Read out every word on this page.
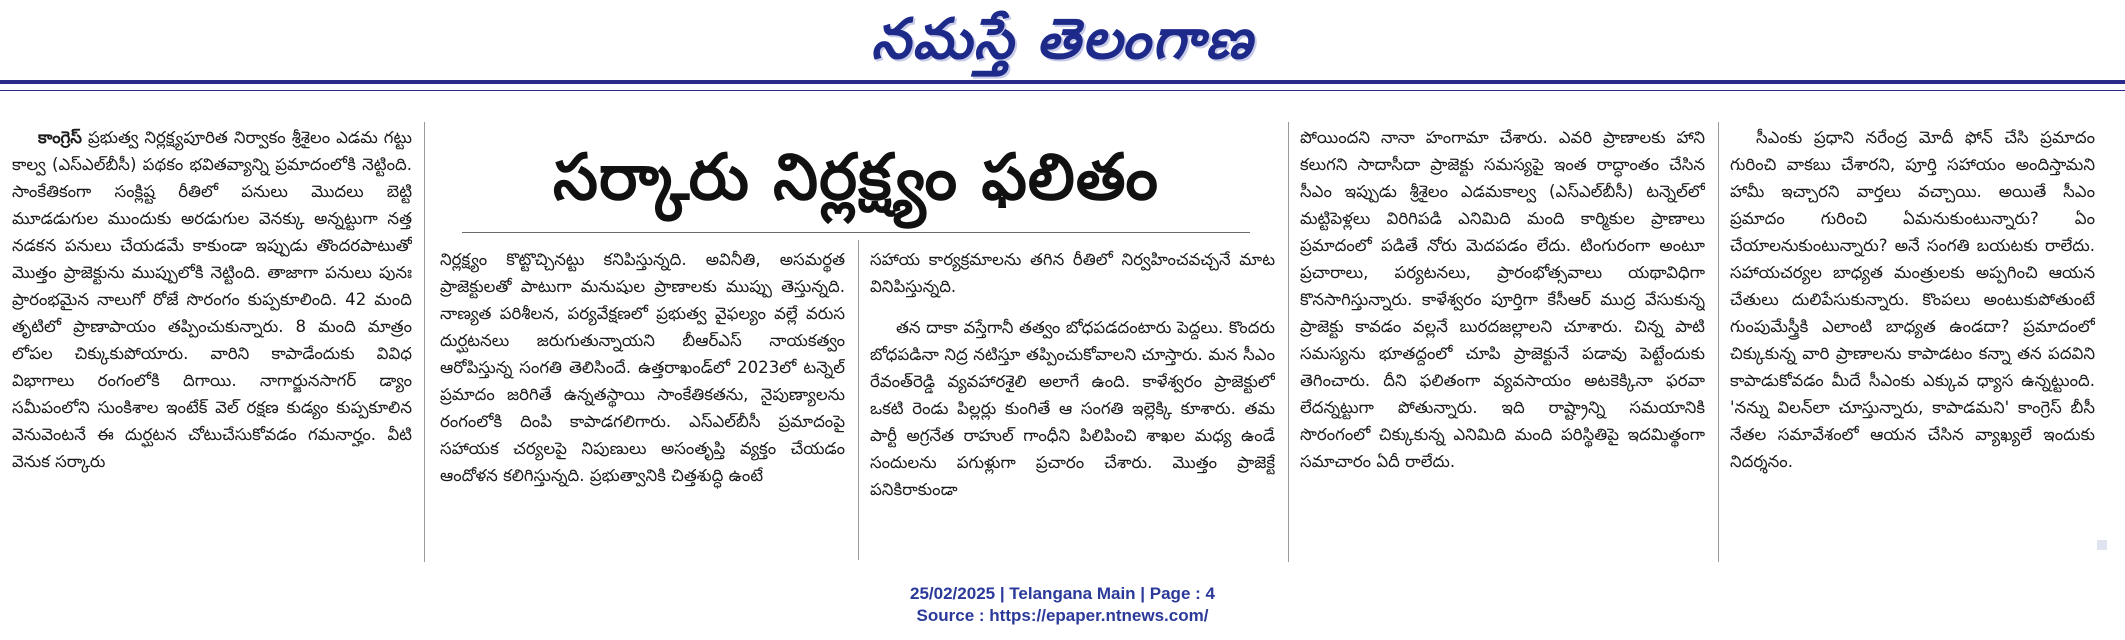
నమస్తే తెలంగాణ

కాంగ్రెస్ ప్రభుత్వ నిర్లక్ష్యపూరిత నిర్వాకం శ్రీశైలం ఎడమ గట్టు కాల్వ (ఎస్‌ఎల్‌బీసీ) పథకం భవితవ్యాన్ని ప్రమాదంలోకి నెట్టింది. సాంకేతికంగా సంక్లిష్ట రీతిలో పనులు మొదలు బెట్టి మూడడుగుల ముందుకు అరడుగుల వెనక్కు అన్నట్టుగా నత్త నడకన పనులు చేయడమే కాకుండా ఇప్పుడు తొందరపాటుతో మొత్తం ప్రాజెక్టును ముప్పులోకి నెట్టింది. తాజాగా పనులు పునః ప్రారంభమైన నాలుగో రోజే సొరంగం కుప్పకూలింది. 42 మంది తృటిలో ప్రాణాపాయం తప్పించుకున్నారు. 8 మంది మాత్రం లోపల చిక్కుకుపోయారు. వారిని కాపాడేందుకు వివిధ విభాగాలు రంగంలోకి దిగాయి. నాగార్జునసాగర్ డ్యాం సమీపంలోని సుంకిశాల ఇంటేక్ వెల్ రక్షణ కుడ్యం కుప్పకూలిన వెనువెంటనే ఈ దుర్ఘటన చోటుచేసుకోవడం గమనార్హం. వీటి వెనుక సర్కారు

సర్కారు నిర్లక్ష్యం ఫలితం

నిర్లక్ష్యం కొట్టొచ్చినట్టు కనిపిస్తున్నది. అవినీతి, అసమర్థత ప్రాజెక్టులతో పాటుగా మనుషుల ప్రాణాలకు ముప్పు తెస్తున్నది. నాణ్యత పరిశీలన, పర్యవేక్షణలో ప్రభుత్వ వైఫల్యం వల్లే వరుస దుర్ఘటనలు జరుగుతున్నాయని బీఆర్‌ఎస్ నాయకత్వం ఆరోపిస్తున్న సంగతి తెలిసిందే. ఉత్తరాఖండ్‌లో 2023లో టన్నెల్ ప్రమాదం జరిగితే ఉన్నతస్థాయి సాంకేతికతను, నైపుణ్యాలను రంగంలోకి దింపి కాపాడగలిగారు. ఎస్‌ఎల్‌బీసీ ప్రమాదంపై సహాయక చర్యలపై నిపుణులు అసంతృప్తి వ్యక్తం చేయడం ఆందోళన కలిగిస్తున్నది. ప్రభుత్వానికి చిత్తశుద్ధి ఉంటే

సహాయ కార్యక్రమాలను తగిన రీతిలో నిర్వహించవచ్చనే మాట వినిపిస్తున్నది.

తన దాకా వస్తేగానీ తత్వం బోధపడదంటారు పెద్దలు. కొందరు బోధపడినా నిద్ర నటిస్తూ తప్పించుకోవాలని చూస్తారు. మన సీఎం రేవంత్‌రెడ్డి వ్యవహారశైలి అలాగే ఉంది. కాళేశ్వరం ప్రాజెక్టులో ఒకటి రెండు పిల్లర్లు కుంగితే ఆ సంగతి ఇల్లెక్కి కూశారు. తమ పార్టీ అగ్రనేత రాహుల్ గాంధీని పిలిపించి శాఖల మధ్య ఉండే సందులను పగుళ్లుగా ప్రచారం చేశారు. మొత్తం ప్రాజెక్టే పనికిరాకుండా

పోయిందని నానా హంగామా చేశారు. ఎవరి ప్రాణాలకు హాని కలుగని సాదాసీదా ప్రాజెక్టు సమస్యపై ఇంత రాద్ధాంతం చేసిన సీఎం ఇప్పుడు శ్రీశైలం ఎడమకాల్వ (ఎస్‌ఎల్‌బీసీ) టన్నెల్‌లో మట్టిపెళ్లలు విరిగిపడి ఎనిమిది మంది కార్మికుల ప్రాణాలు ప్రమాదంలో పడితే నోరు మెదపడం లేదు. టింగురంగా అంటూ ప్రచారాలు, పర్యటనలు, ప్రారంభోత్సవాలు యథావిధిగా కొనసాగిస్తున్నారు. కాళేశ్వరం పూర్తిగా కేసీఆర్ ముద్ర వేసుకున్న ప్రాజెక్టు కావడం వల్లనే బురదజల్లాలని చూశారు. చిన్న పాటి సమస్యను భూతద్దంలో చూపి ప్రాజెక్టునే పడావు పెట్టేందుకు తెగించారు. దీని ఫలితంగా వ్యవసాయం అటకెక్కినా ఫరవా లేదన్నట్టుగా పోతున్నారు. ఇది రాష్ట్రాన్ని సమయానికి సొరంగంలో చిక్కుకున్న ఎనిమిది మంది పరిస్థితిపై ఇదమిత్థంగా సమాచారం ఏదీ రాలేదు.

సీఎంకు ప్రధాని నరేంద్ర మోదీ ఫోన్ చేసి ప్రమాదం గురించి వాకబు చేశారని, పూర్తి సహాయం అందిస్తామని హామీ ఇచ్చారని వార్తలు వచ్చాయి. అయితే సీఎం ప్రమాదం గురించి ఏమనుకుంటున్నారు? ఏం చేయాలనుకుంటున్నారు? అనే సంగతి బయటకు రాలేదు. సహాయచర్యల బాధ్యత మంత్రులకు అప్పగించి ఆయన చేతులు దులిపేసుకున్నారు. కొంపలు అంటుకుపోతుంటే గుంపుమేస్త్రీకి ఎలాంటి బాధ్యత ఉండదా? ప్రమాదంలో చిక్కుకున్న వారి ప్రాణాలను కాపాడటం కన్నా తన పదవిని కాపాడుకోవడం మీదే సీఎంకు ఎక్కువ ధ్యాస ఉన్నట్టుంది. 'నన్ను విలన్‌లా చూస్తున్నారు, కాపాడమని' కాంగ్రెస్ బీసీ నేతల సమావేశంలో ఆయన చేసిన వ్యాఖ్యలే ఇందుకు నిదర్శనం.

25/02/2025 | Telangana Main | Page : 4
Source : https://epaper.ntnews.com/
